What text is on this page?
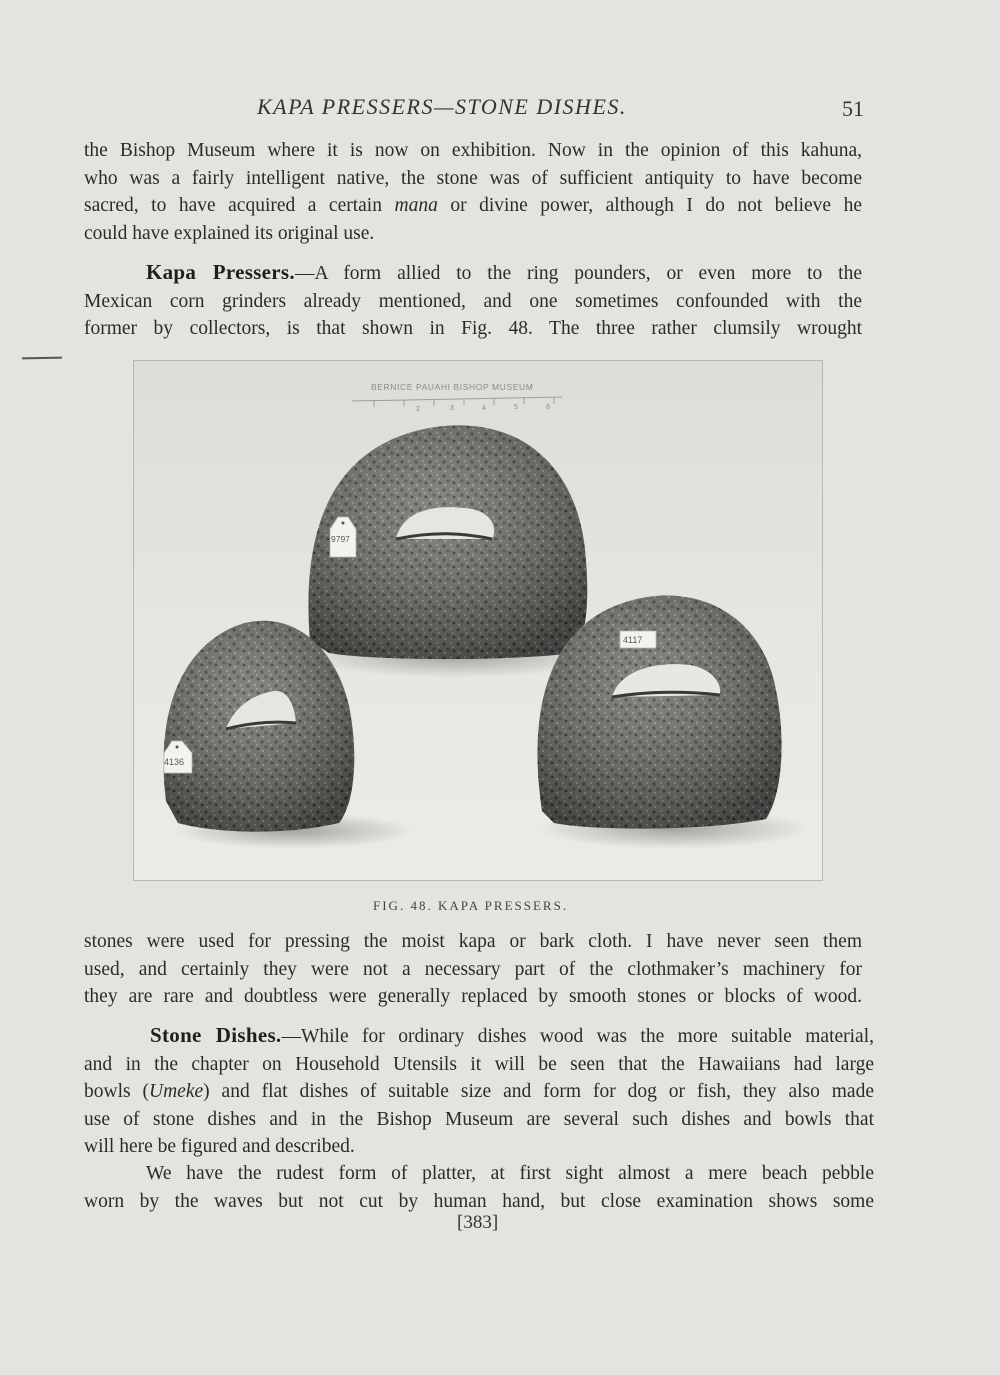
KAPA PRESSERS—STONE DISHES.	51
the Bishop Museum where it is now on exhibition. Now in the opinion of this kahuna,
who was a fairly intelligent native, the stone was of sufficient antiquity to have become
sacred, to have acquired a certain mana or divine power, although I do not believe he
could have explained its original use.
Kapa Pressers.—A form allied to the ring pounders, or even more to the
Mexican corn grinders already mentioned, and one sometimes confounded with the
former by collectors, is that shown in Fig. 48. The three rather clumsily wrought
BERNICE PAUAHI BISHOP MUSEUM
2	3	4	5	6
9797
4117
4136
FIG. 48. KAPA PRESSERS.
stones were used for pressing the moist kapa or bark cloth. I have never seen them
used, and certainly they were not a necessary part of the clothmaker’s machinery for
they are rare and doubtless were generally replaced by smooth stones or blocks of wood.
Stone Dishes.—While for ordinary dishes wood was the more suitable material,
and in the chapter on Household Utensils it will be seen that the Hawaiians had large
bowls (Umeke) and flat dishes of suitable size and form for dog or fish, they also made
use of stone dishes and in the Bishop Museum are several such dishes and bowls that
will here be figured and described.
We have the rudest form of platter, at first sight almost a mere beach pebble
worn by the waves but not cut by human hand, but close examination shows some
[383]
